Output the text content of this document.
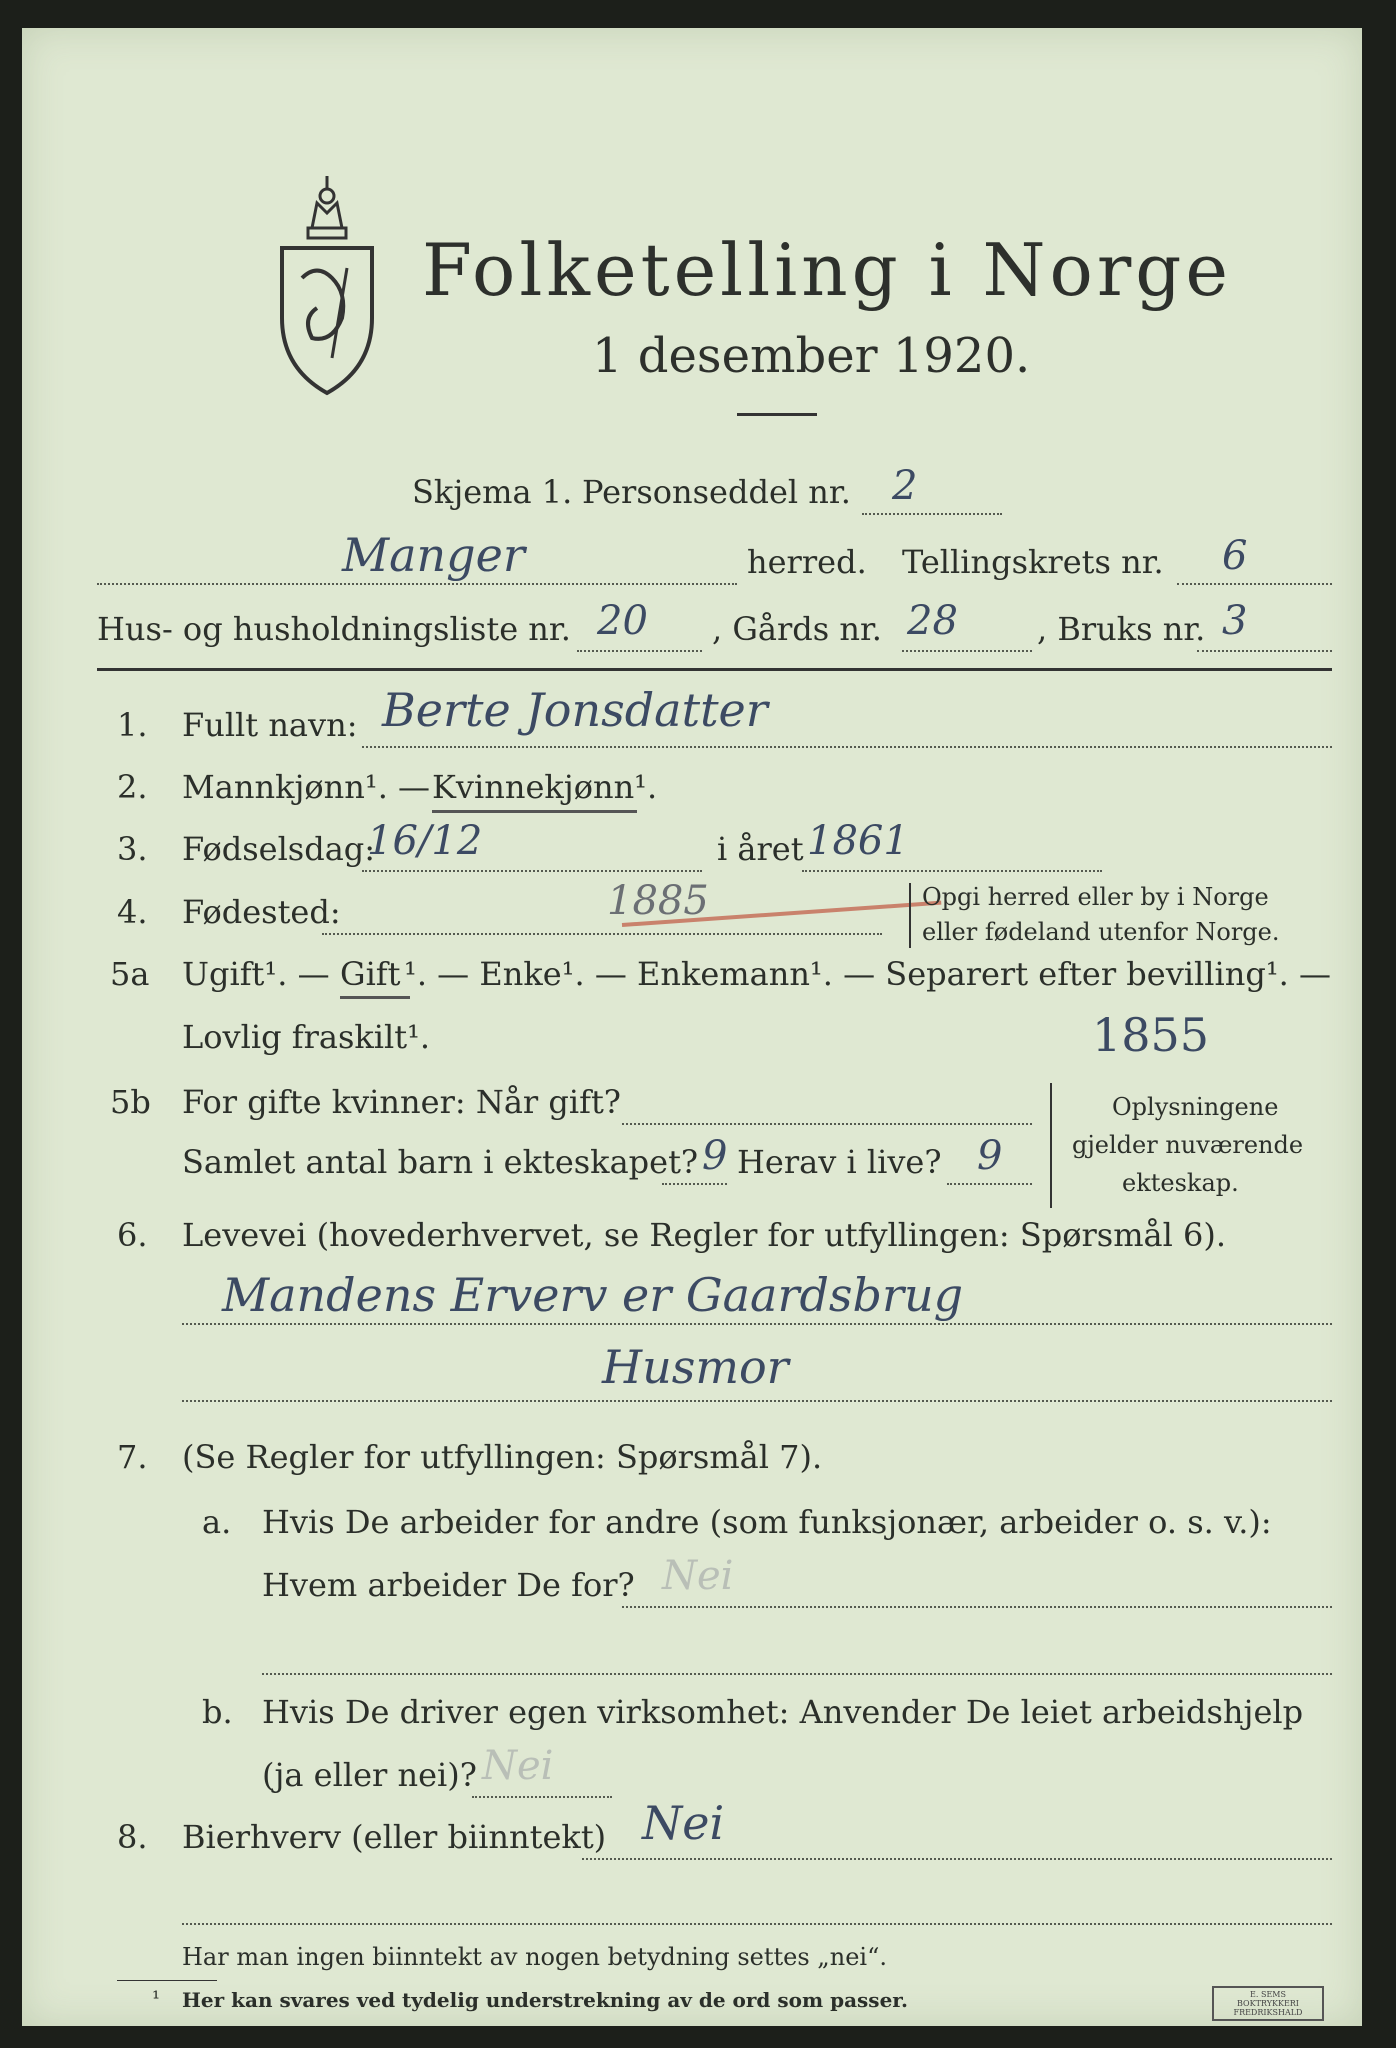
Folketelling i Norge
1 desember 1920.
Skjema 1. Personseddel nr. 2
Manger	herred. Tellingskrets nr. 6
Hus- og husholdningsliste nr. 20 , Gårds nr. 28 , Bruks nr. 3
1. Fullt navn: Berte Jonsdatter
2. Mannkjønn¹. — Kvinnekjønn¹.
3. Fødselsdag:
16/12	i året 1861
4. Fødested:	1885	Opgi herred eller by i Norge
eller fødeland utenfor Norge.
5a Ugift¹. — Gift ¹. — Enke¹. — Enkemann¹. — Separert efter bevilling¹. —
Lovlig fraskilt¹.	1855
5b For gifte kvinner: Når gift?
Samlet antal barn i ekteskapet? 9 Herav i live? 9
Oplysningene
gjelder nuværende
ekteskap.
6. Levevei (hovederhvervet, se Regler for utfyllingen: Spørsmål 6).
Mandens Erverv er Gaardsbrug
Husmor
7. (Se Regler for utfyllingen: Spørsmål 7).
a. Hvis De arbeider for andre (som funksjonær, arbeider o. s. v.):
Hvem arbeider De for? Nei
b. Hvis De driver egen virksomhet: Anvender De leiet arbeidshjelp
(ja eller nei)? Nei
8. Bierhverv (eller biinntekt) Nei
Har man ingen biinntekt av nogen betydning settes „nei“.
¹ Her kan svares ved tydelig understrekning av de ord som passer.	E. SEMS BOKTRYKKERI FREDRIKSHALD
